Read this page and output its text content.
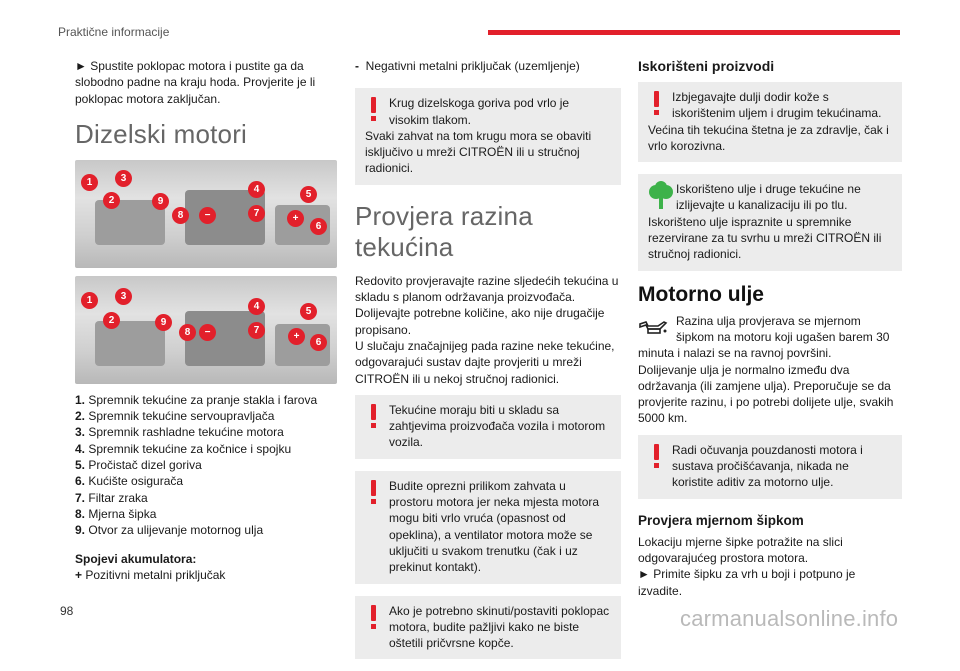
Praktične informacije

► Spustite poklopac motora i pustite ga da slobodno padne na kraju hoda. Provjerite je li poklopac motora zaključan.

Dizelski motori
1
2
3
9
8	−
4
7
5
+
6
1
2
3
9
8	−
4
7
5
+
6
1. Spremnik tekućine za pranje stakla i farova
2. Spremnik tekućine servoupravljača
3. Spremnik rashladne tekućine motora
4. Spremnik tekućine za kočnice i spojku
5. Pročistač dizel goriva
6. Kućište osigurača
7. Filtar zraka
8. Mjerna šipka
9. Otvor za ulijevanje motornog ulja

Spojevi akumulatora:

+ Pozitivni metalni priključak

- Negativni metalni priključak (uzemljenje)

Krug dizelskoga goriva pod vrlo je visokim tlakom.

Svaki zahvat na tom krugu mora se obaviti isključivo u mreži CITROËN ili u stručnoj radionici.

Provjera razina tekućina

Redovito provjeravajte razine sljedećih tekućina u skladu s planom održavanja proizvođača. Dolijevajte potrebne količine, ako nije drugačije propisano.

U slučaju značajnijeg pada razine neke tekućine, odgovarajući sustav dajte provjeriti u mreži CITROËN ili u nekoj stručnoj radionici.

Tekućine moraju biti u skladu sa zahtjevima proizvođača vozila i motorom vozila.

Budite oprezni prilikom zahvata u prostoru motora jer neka mjesta motora mogu biti vrlo vruća (opasnost od opeklina), a ventilator motora može se uključiti u svakom trenutku (čak i uz prekinut kontakt).

Ako je potrebno skinuti/postaviti poklopac motora, budite pažljivi kako ne biste oštetili pričvrsne kopče.

Iskorišteni proizvodi

Izbjegavajte dulji dodir kože s iskorištenim uljem i drugim tekućinama.

Većina tih tekućina štetna je za zdravlje, čak i vrlo korozivna.

Iskorišteno ulje i druge tekućine ne izlijevajte u kanalizaciju ili po tlu.

Iskorišteno ulje ispraznite u spremnike rezervirane za tu svrhu u mreži CITROËN ili stručnoj radionici.

Motorno ulje

Razina ulja provjerava se mjernom šipkom na motoru koji ugašen barem 30 minuta i nalazi se na ravnoj površini.

Dolijevanje ulja je normalno između dva održavanja (ili zamjene ulja). Preporučuje se da provjerite razinu, i po potrebi dolijete ulje, svakih 5000 km.

Radi očuvanja pouzdanosti motora i sustava pročišćavanja, nikada ne koristite aditiv za motorno ulje.

Provjera mjernom šipkom

Lokaciju mjerne šipke potražite na slici odgovarajućeg prostora motora.

► Primite šipku za vrh u boji i potpuno je izvadite.

98	carmanualsonline.info
